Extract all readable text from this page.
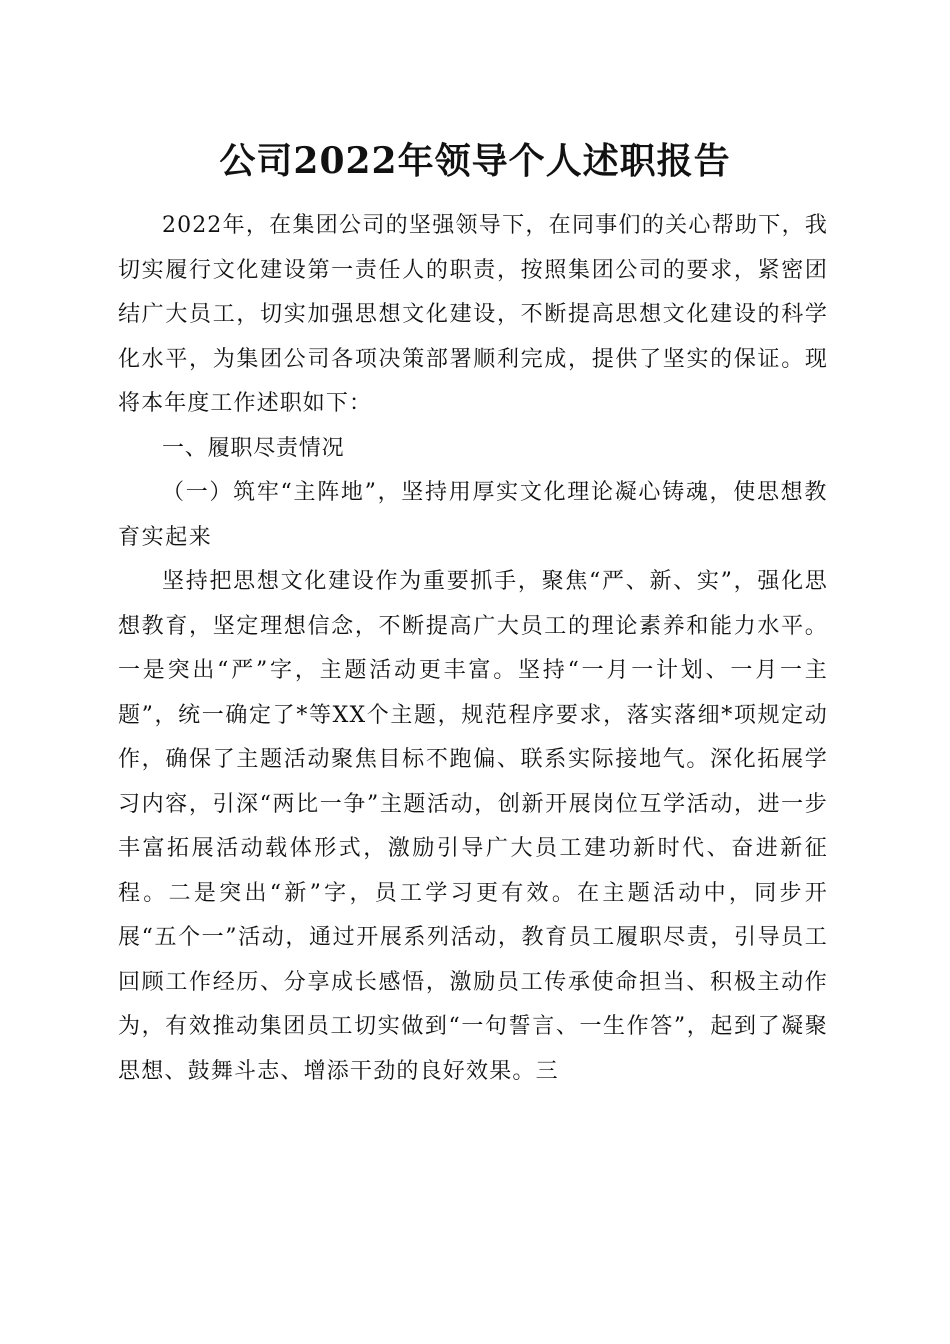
公司2022年领导个人述职报告

2022年，在集团公司的坚强领导下，在同事们的关心帮助下，我切实履行文化建设第一责任人的职责，按照集团公司的要求，紧密团结广大员工，切实加强思想文化建设，不断提高思想文化建设的科学化水平，为集团公司各项决策部署顺利完成，提供了坚实的保证。现将本年度工作述职如下：

一、履职尽责情况

（一）筑牢“主阵地”，坚持用厚实文化理论凝心铸魂，使思想教育实起来

坚持把思想文化建设作为重要抓手，聚焦“严、新、实”，强化思想教育，坚定理想信念，不断提高广大员工的理论素养和能力水平。一是突出“严”字，主题活动更丰富。坚持“一月一计划、一月一主题”，统一确定了*等XX个主题，规范程序要求，落实落细*项规定动作，确保了主题活动聚焦目标不跑偏、联系实际接地气。深化拓展学习内容，引深“两比一争”主题活动，创新开展岗位互学活动，进一步丰富拓展活动载体形式，激励引导广大员工建功新时代、奋进新征程。二是突出“新”字，员工学习更有效。在主题活动中，同步开展“五个一”活动，通过开展系列活动，教育员工履职尽责，引导员工回顾工作经历、分享成长感悟，激励员工传承使命担当、积极主动作为，有效推动集团员工切实做到“一句誓言、一生作答”，起到了凝聚思想、鼓舞斗志、增添干劲的良好效果。三
